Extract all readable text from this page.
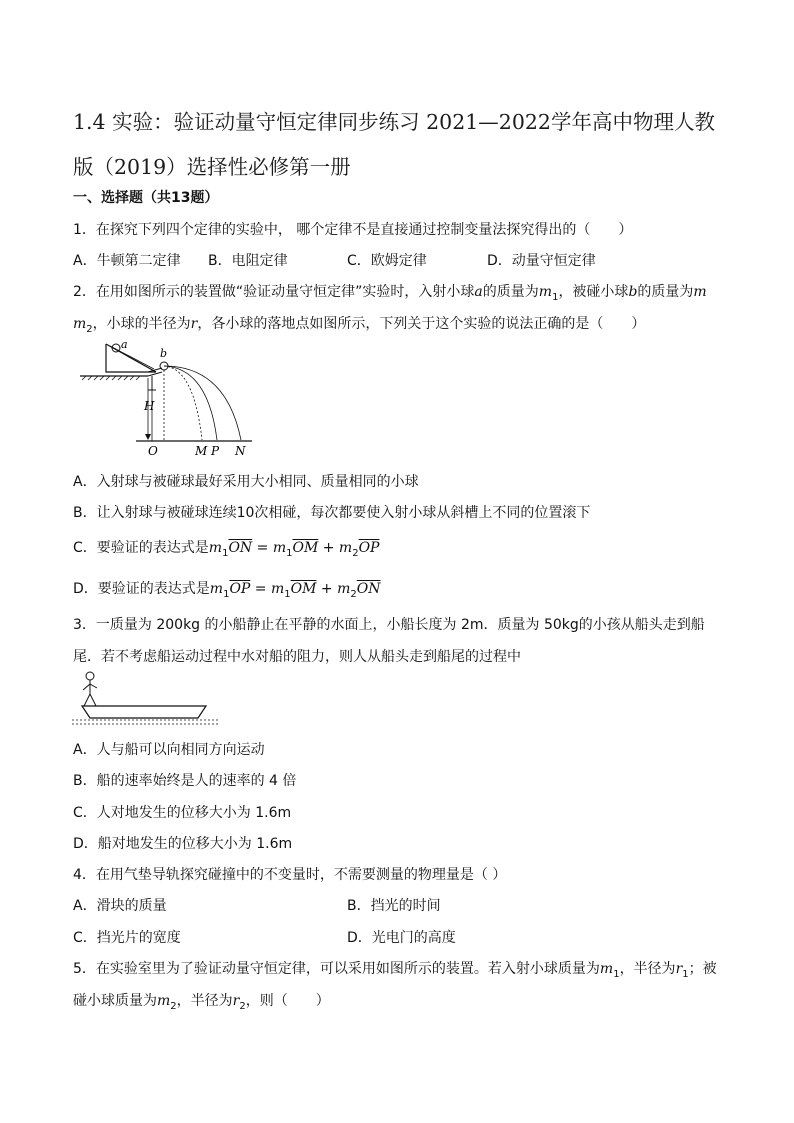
1.4 实验：验证动量守恒定律同步练习 2021—2022学年高中物理人教版（2019）选择性必修第一册
一、选择题（共13题）
1．在探究下列四个定律的实验中， 哪个定律不是直接通过控制变量法探究得出的（　　）
A．牛顿第二定律 B．电阻定律	C．欧姆定律	D．动量守恒定律
2．在用如图所示的装置做“验证动量守恒定律”实验时，入射小球a的质量为$m_1$，被碰小球b的质量为m
$m_2$，小球的半径为r，各小球的落地点如图所示，下列关于这个实验的说法正确的是（　　）
a
b
H
O	M P N
A．入射球与被碰球最好采用大小相同、质量相同的小球
B．让入射球与被碰球连续10次相碰，每次都要使入射小球从斜槽上不同的位置滚下
C．要验证的表达式是$m_1\overline{ON} = m_1\overline{OM} + m_2\overline{OP}$
D．要验证的表达式是$m_1\overline{OP} = m_1\overline{OM} + m_2\overline{ON}$
3．一质量为 200kg 的小船静止在平静的水面上，小船长度为 2m．质量为 50kg的小孩从船头走到船
尾．若不考虑船运动过程中水对船的阻力，则人从船头走到船尾的过程中
A．人与船可以向相同方向运动
B．船的速率始终是人的速率的 4 倍
C．人对地发生的位移大小为 1.6m
D．船对地发生的位移大小为 1.6m
4．在用气垫导轨探究碰撞中的不变量时，不需要测量的物理量是（ ）
A．滑块的质量	B．挡光的时间
C．挡光片的宽度	D．光电门的高度
5．在实验室里为了验证动量守恒定律，可以采用如图所示的装置。若入射小球质量为$m_1$，半径为$r_1$；被
碰小球质量为$m_2$，半径为$r_2$，则（　　）
